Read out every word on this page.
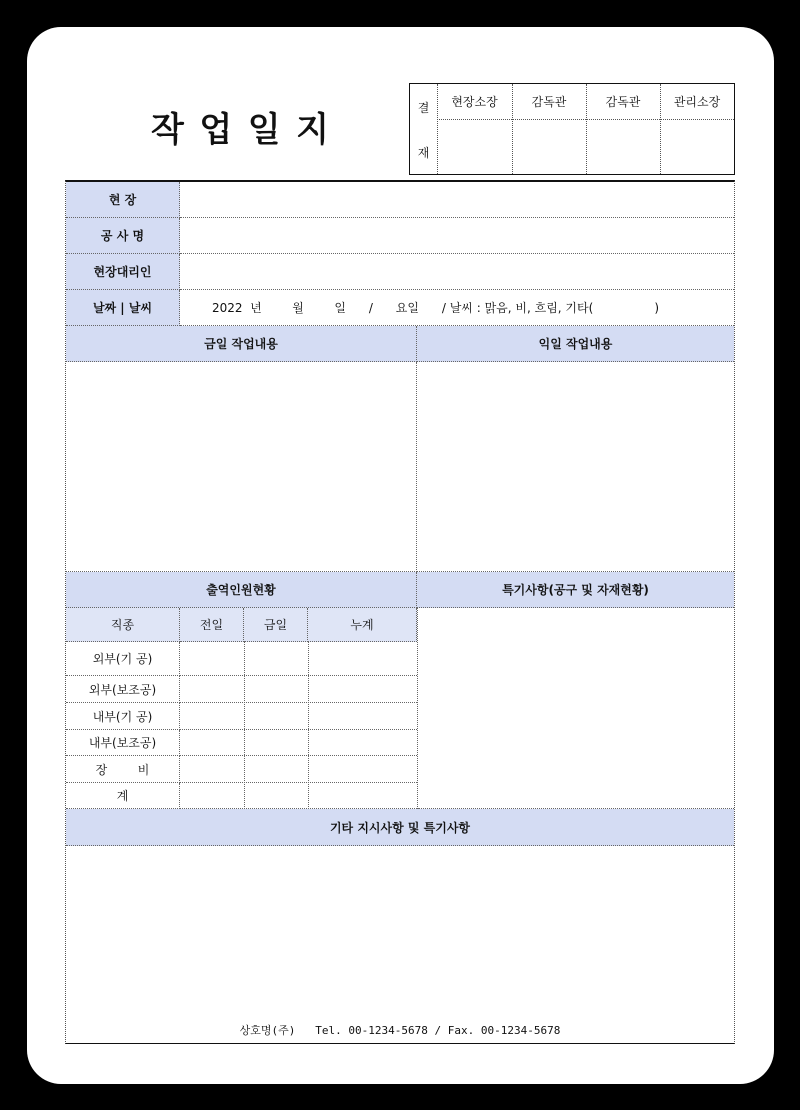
작 업 일 지
결
재
현장소장	감독관	감독관	관리소장
현 장
공 사 명
현장대리인
날짜 | 날씨	2022  년        월        일      /      요일      / 날씨 : 맑음, 비, 흐림, 기타(                )
금일 작업내용	익일 작업내용
출역인원현황	특기사항(공구 및 자재현황)
직종	전일	금일	누계
외부(기 공)
외부(보조공)
내부(기 공)
내부(보조공)
장        비
계
기타 지시사항 및 특기사항
상호명(주)   Tel. 00-1234-5678 / Fax. 00-1234-5678
